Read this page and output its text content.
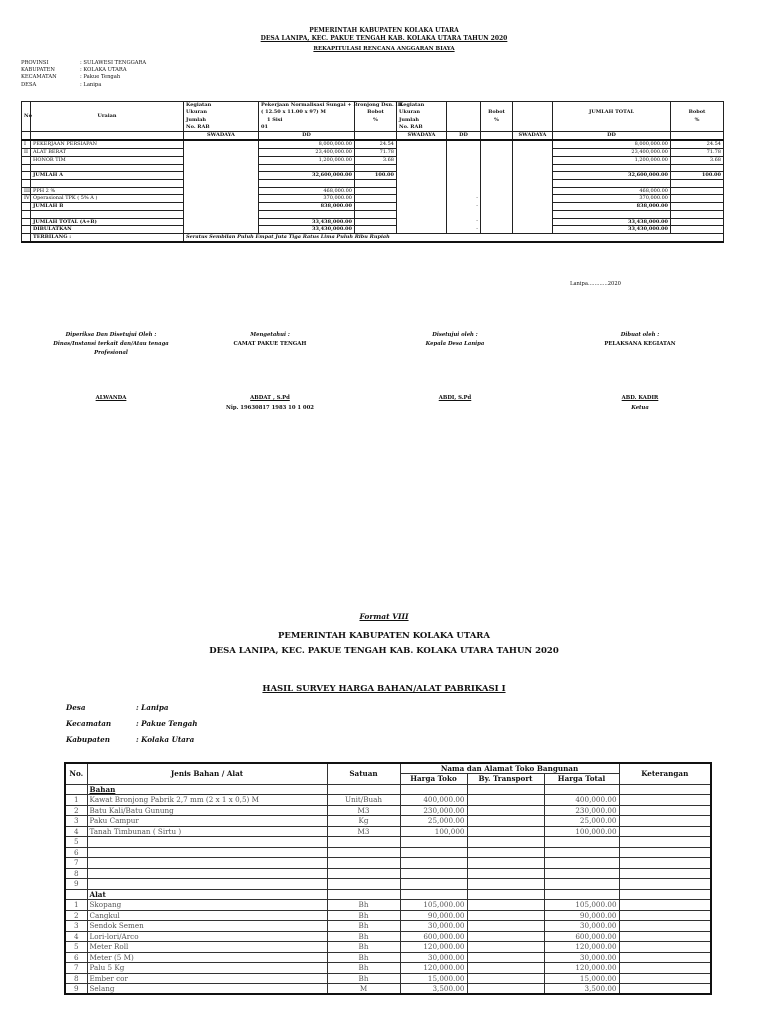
PEMERINTAH KABUPATEN KOLAKA UTARA
DESA LANIPA, KEC. PAKUE TENGAH KAB. KOLAKA UTARA TAHUN 2020
REKAPITULASI RENCANA ANGGARAN BIAYA
PROVINSI	: SULAWESI TENGGARA
KABUPATEN	: KOLAKA UTARA
KECAMATAN	: Pakue Tengah
DESA	: Lanipa
No	Uraian	Kegiatan	Pekerjaan Normalisasi Sungai + Bronjong Dsn. III		Kegiatan					
		Ukuran	( 12.50 x 11.00 x 97) M	Bobot	Ukuran		Bobot		JUMLAH TOTAL	Bobot
		Jumlah	1 Sisi	%	Jumlah		%			%
		No. RAB	01		No. RAB					
		SWADAYA	DD		SWADAYA	DD		SWADAYA	DD	
I	PEKERJAAN PERSIAPAN		8,000,000.00	24.54					8,000,000.00	24.54
II	ALAT BERAT		23,400,000.00	71.78					23,400,000.00	71.78
	HONOR TIM		1,200,000.00	3.68					1,200,000.00	3.68

	JUMLAH A		32,600,000.00	100.00					32,600,000.00	100.00

III	PPH 2 %		468,000.00						468,000.00	
IV	Operasional TPK ( 5% A )		370,000.00			-			370,000.00	
	JUMLAH B		838,000.00			-			838,000.00	

	JUMLAH TOTAL (A+B)		33,438,000.00			-			33,438,000.00	
	DIBULATKAN		33,430,000.00			-			33,430,000.00	
	TERBILANG :	Seratus Sembilan Puluh Empat Juta Tiga Ratus Lima Puluh Ribu Rupiah								
Lanipa............2020
Diperiksa Dan Disetujui Oleh :
Dinas/Instansi terkait dan/Atau tenaga
Profesional
ALWANDA
Mengetahui :
CAMAT PAKUE TENGAH
ABDAT , S.Pd
Nip. 19630817 1983 10 1 002
Disetujui oleh :
Kepala Desa Lanipa
ABDI, S.Pd
Dibuat oleh :
PELAKSANA KEGIATAN
ABD. KADIR
Ketua
Format VIII
PEMERINTAH KABUPATEN KOLAKA UTARA
DESA LANIPA, KEC. PAKUE TENGAH KAB. KOLAKA UTARA TAHUN 2020
HASIL SURVEY HARGA BAHAN/ALAT PABRIKASI I
Desa	: Lanipa
Kecamatan	: Pakue Tengah
Kabupaten	: Kolaka Utara
No.	Jenis Bahan / Alat	Satuan	Nama dan Alamat Toko Bangunan			Keterangan
			Harga Toko	By. Transport	Harga Total	
	Bahan					
1	Kawat Bronjong Pabrik 2,7 mm (2 x 1 x 0,5) M	Unit/Buah	400,000.00		400,000.00	
2	Batu Kali/Batu Gunung	M3	230,000.00		230,000.00	
3	Paku Campur	Kg	25,000.00		25,000.00	
4	Tanah Timbunan ( Sirtu )	M3	100,000		100,000.00	
5						
6						
7						
8						
9						
	Alat					
1	Skopang	Bh	105,000.00		105,000.00	
2	Cangkul	Bh	90,000.00		90,000.00	
3	Sendok Semen	Bh	30,000.00		30,000.00	
4	Lori-lori/Arco	Bh	600,000.00		600,000.00	
5	Meter Roll	Bh	120,000.00		120,000.00	
6	Meter (5 M)	Bh	30,000.00		30,000.00	
7	Palu 5 Kg	Bh	120,000.00		120,000.00	
8	Ember cor	Bh	15,000.00		15,000.00	
9	Selang	M	3,500.00		3,500.00	
